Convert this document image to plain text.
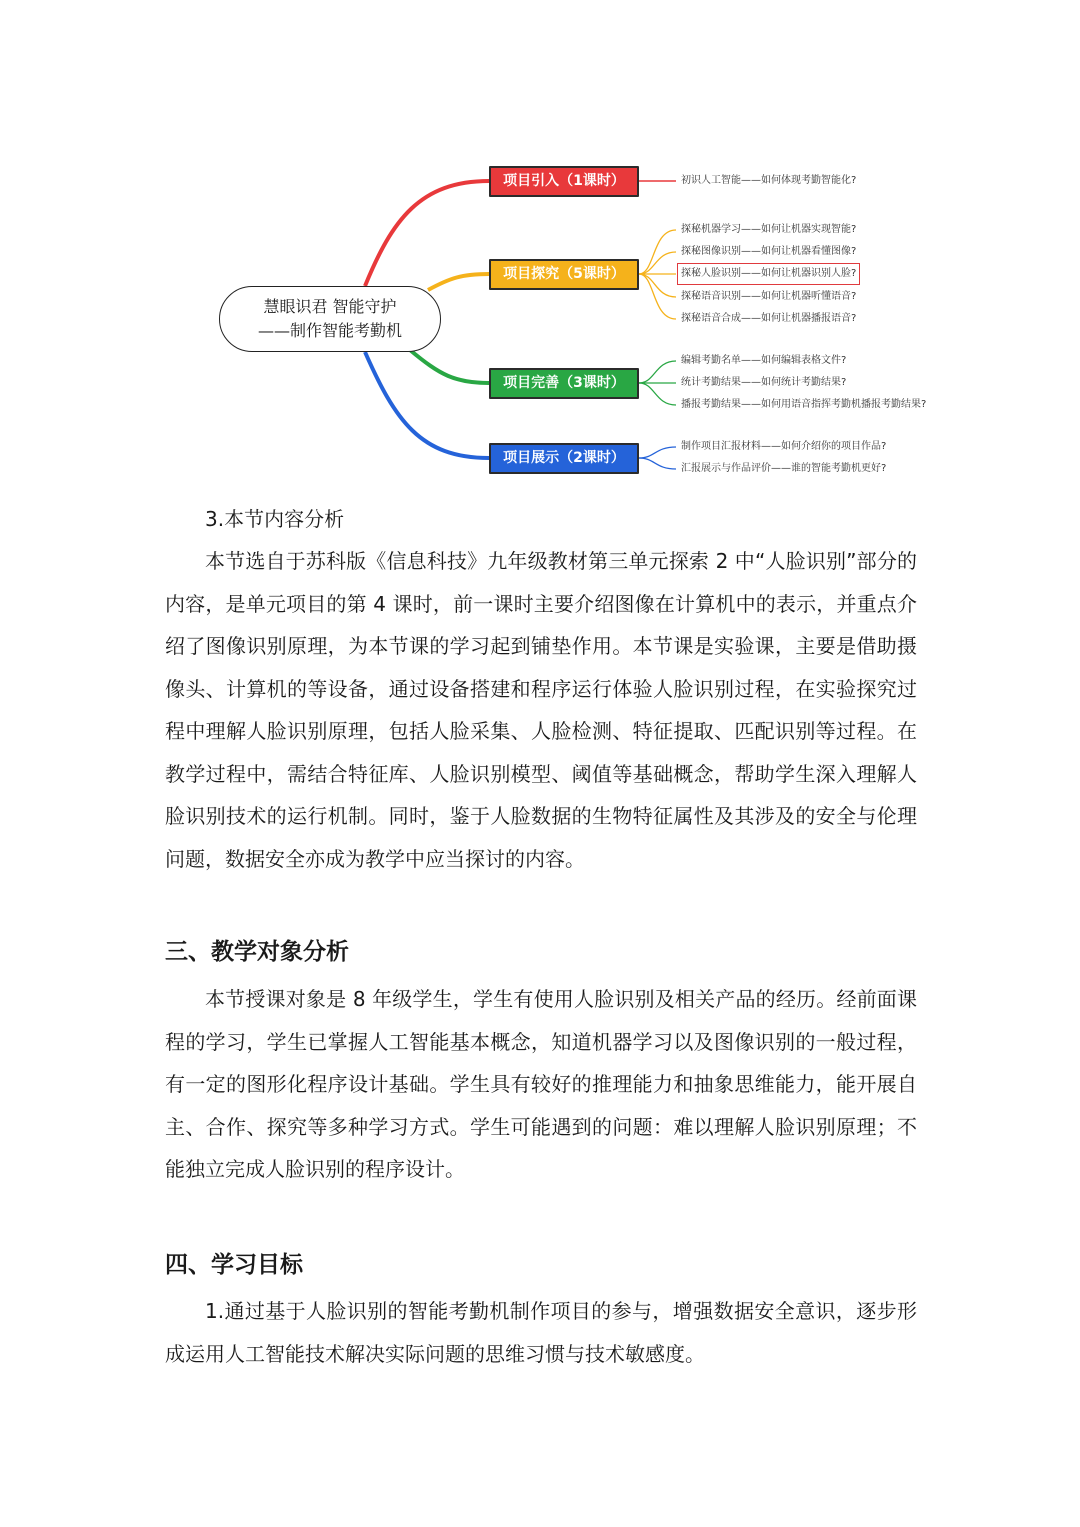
慧眼识君 智能守护
——制作智能考勤机
项目引入（1课时）
项目探究（5课时）
项目完善（3课时）
项目展示（2课时）
初识人工智能——如何体现考勤智能化?
探秘机器学习——如何让机器实现智能?
探秘图像识别——如何让机器看懂图像?
探秘人脸识别——如何让机器识别人脸?
探秘语音识别——如何让机器听懂语音?
探秘语音合成——如何让机器播报语音?
编辑考勤名单——如何编辑表格文件?
统计考勤结果——如何统计考勤结果?
播报考勤结果——如何用语音指挥考勤机播报考勤结果?
制作项目汇报材料——如何介绍你的项目作品?
汇报展示与作品评价——谁的智能考勤机更好?

3.本节内容分析

本节选自于苏科版《信息科技》九年级教材第三单元探索 2 中“人脸识别”部分的内容，是单元项目的第 4 课时，前一课时主要介绍图像在计算机中的表示，并重点介绍了图像识别原理，为本节课的学习起到铺垫作用。本节课是实验课，主要是借助摄像头、计算机的等设备，通过设备搭建和程序运行体验人脸识别过程，在实验探究过程中理解人脸识别原理，包括人脸采集、人脸检测、特征提取、匹配识别等过程。在教学过程中，需结合特征库、人脸识别模型、阈值等基础概念，帮助学生深入理解人脸识别技术的运行机制。同时，鉴于人脸数据的生物特征属性及其涉及的安全与伦理问题，数据安全亦成为教学中应当探讨的内容。

三、教学对象分析

本节授课对象是 8 年级学生，学生有使用人脸识别及相关产品的经历。经前面课程的学习，学生已掌握人工智能基本概念，知道机器学习以及图像识别的一般过程，有一定的图形化程序设计基础。学生具有较好的推理能力和抽象思维能力，能开展自主、合作、探究等多种学习方式。学生可能遇到的问题：难以理解人脸识别原理；不能独立完成人脸识别的程序设计。

四、学习目标

1.通过基于人脸识别的智能考勤机制作项目的参与，增强数据安全意识，逐步形成运用人工智能技术解决实际问题的思维习惯与技术敏感度。
